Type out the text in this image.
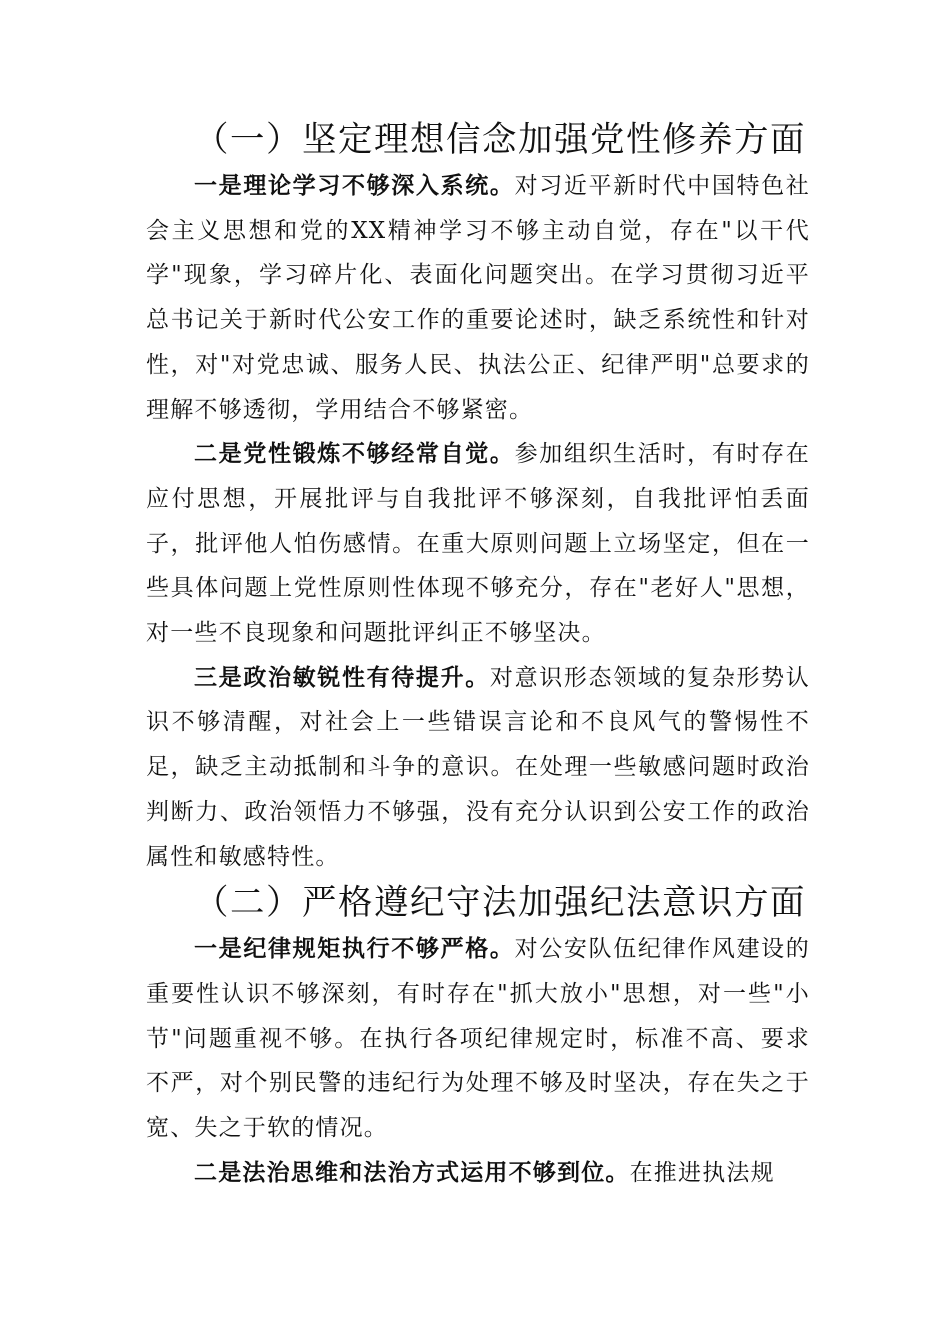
（一）坚定理想信念加强党性修养方面

一是理论学习不够深入系统。对习近平新时代中国特色社会主义思想和党的XX精神学习不够主动自觉，存在"以干代学"现象，学习碎片化、表面化问题突出。在学习贯彻习近平总书记关于新时代公安工作的重要论述时，缺乏系统性和针对性，对"对党忠诚、服务人民、执法公正、纪律严明"总要求的理解不够透彻，学用结合不够紧密。

二是党性锻炼不够经常自觉。参加组织生活时，有时存在应付思想，开展批评与自我批评不够深刻，自我批评怕丢面子，批评他人怕伤感情。在重大原则问题上立场坚定，但在一些具体问题上党性原则性体现不够充分，存在"老好人"思想，对一些不良现象和问题批评纠正不够坚决。

三是政治敏锐性有待提升。对意识形态领域的复杂形势认识不够清醒，对社会上一些错误言论和不良风气的警惕性不足，缺乏主动抵制和斗争的意识。在处理一些敏感问题时政治判断力、政治领悟力不够强，没有充分认识到公安工作的政治属性和敏感特性。

（二）严格遵纪守法加强纪法意识方面

一是纪律规矩执行不够严格。对公安队伍纪律作风建设的重要性认识不够深刻，有时存在"抓大放小"思想，对一些"小节"问题重视不够。在执行各项纪律规定时，标准不高、要求不严，对个别民警的违纪行为处理不够及时坚决，存在失之于宽、失之于软的情况。

二是法治思维和法治方式运用不够到位。在推进执法规
